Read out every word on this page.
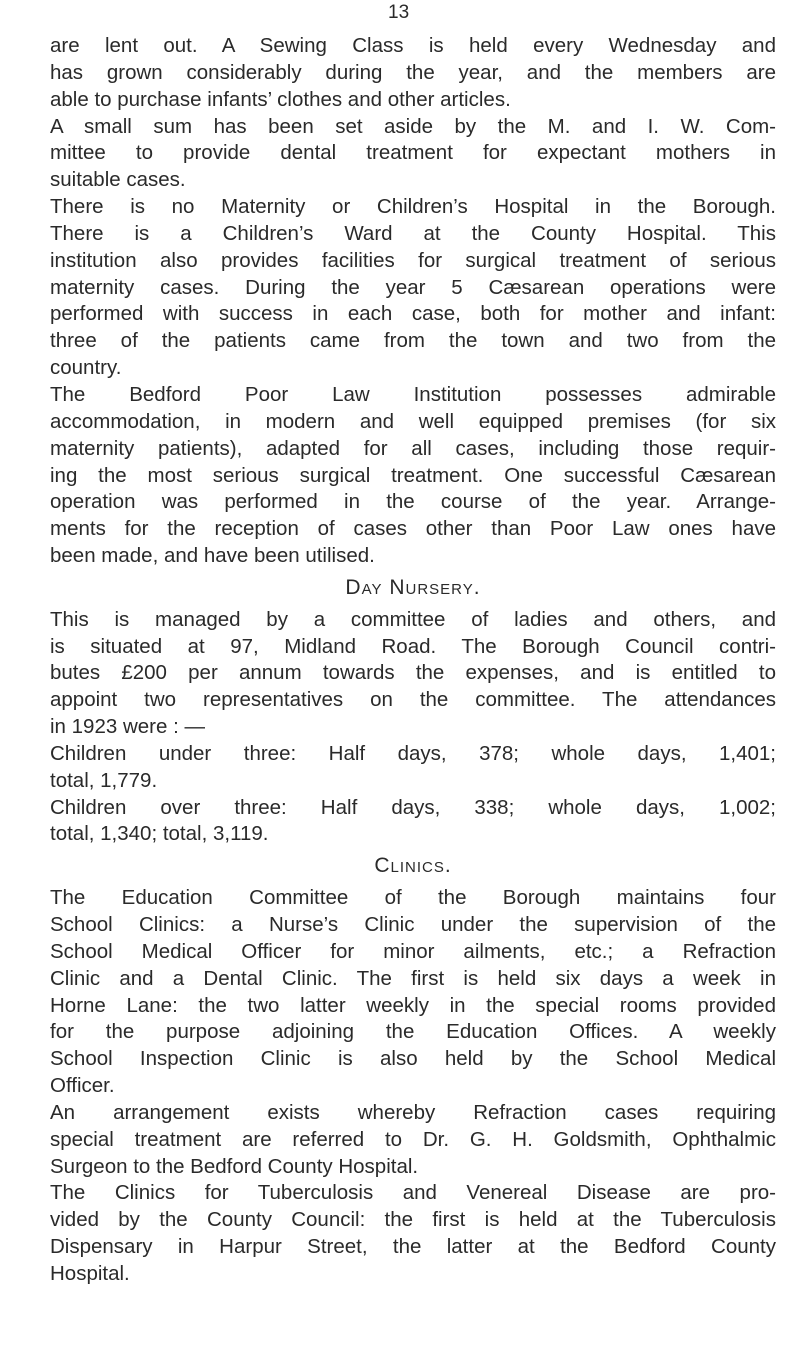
13
are lent out. A Sewing Class is held every Wednesday and
has grown considerably during the year, and the members are
able to purchase infants’ clothes and other articles.
A small sum has been set aside by the M. and I. W. Com-
mittee to provide dental treatment for expectant mothers in
suitable cases.
There is no Maternity or Children’s Hospital in the Borough.
There is a Children’s Ward at the County Hospital. This
institution also provides facilities for surgical treatment of serious
maternity cases. During the year 5 Cæsarean operations were
performed with success in each case, both for mother and infant:
three of the patients came from the town and two from the
country.
The Bedford Poor Law Institution possesses admirable
accommodation, in modern and well equipped premises (for six
maternity patients), adapted for all cases, including those requir-
ing the most serious surgical treatment. One successful Cæsarean
operation was performed in the course of the year. Arrange-
ments for the reception of cases other than Poor Law ones have
been made, and have been utilised.
Day Nursery.
This is managed by a committee of ladies and others, and
is situated at 97, Midland Road. The Borough Council contri-
butes £200 per annum towards the expenses, and is entitled to
appoint two representatives on the committee. The attendances
in 1923 were : —
Children under three: Half days, 378; whole days, 1,401;
total, 1,779.
Children over three: Half days, 338; whole days, 1,002;
total, 1,340; total, 3,119.
Clinics.
The Education Committee of the Borough maintains four
School Clinics: a Nurse’s Clinic under the supervision of the
School Medical Officer for minor ailments, etc.; a Refraction
Clinic and a Dental Clinic. The first is held six days a week in
Horne Lane: the two latter weekly in the special rooms provided
for the purpose adjoining the Education Offices. A weekly
School Inspection Clinic is also held by the School Medical
Officer.
An arrangement exists whereby Refraction cases requiring
special treatment are referred to Dr. G. H. Goldsmith, Ophthalmic
Surgeon to the Bedford County Hospital.
The Clinics for Tuberculosis and Venereal Disease are pro-
vided by the County Council: the first is held at the Tuberculosis
Dispensary in Harpur Street, the latter at the Bedford County
Hospital.
